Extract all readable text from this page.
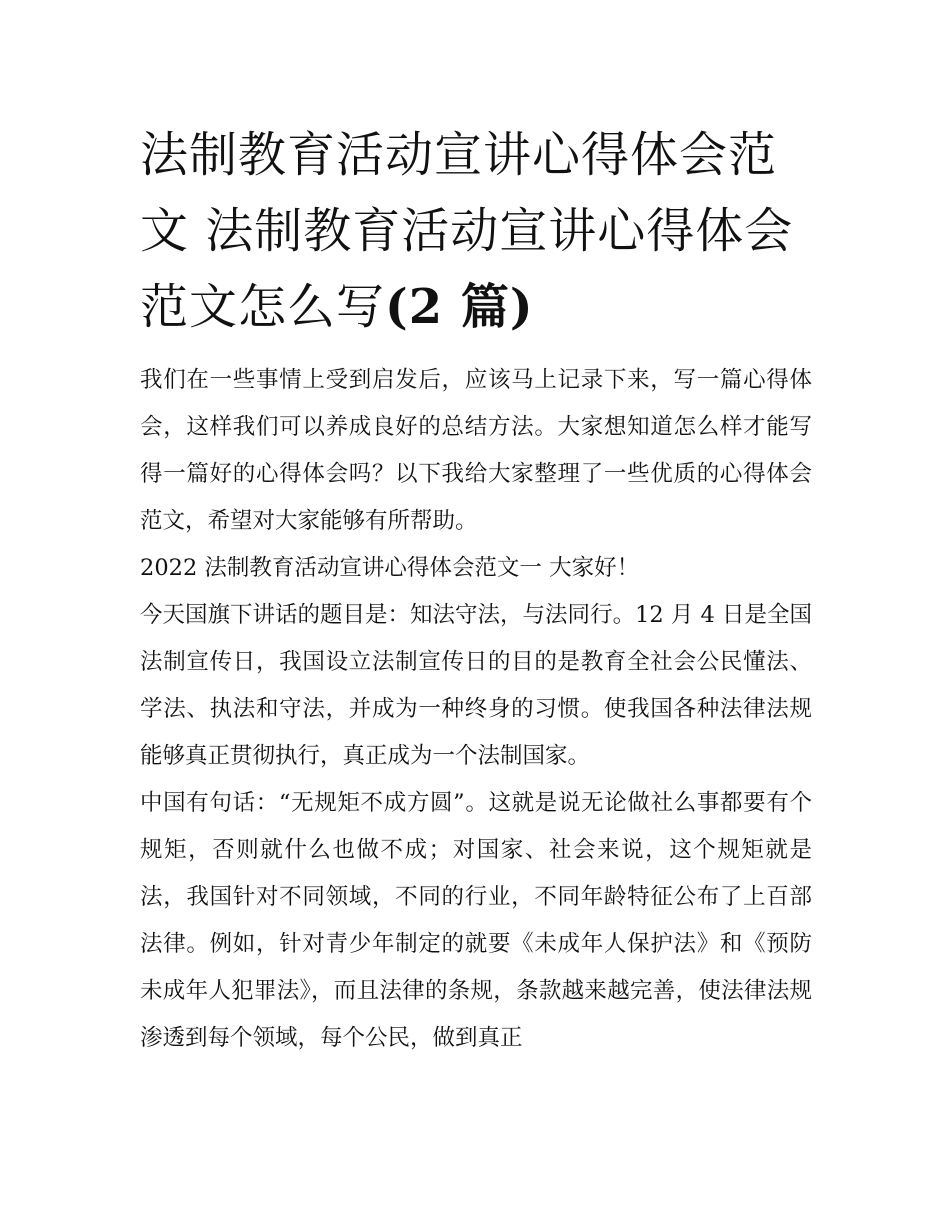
法制教育活动宣讲心得体会范文 法制教育活动宣讲心得体会范文怎么写(2 篇)

我们在一些事情上受到启发后，应该马上记录下来，写一篇心得体会，这样我们可以养成良好的总结方法。大家想知道怎么样才能写得一篇好的心得体会吗？以下我给大家整理了一些优质的心得体会范文，希望对大家能够有所帮助。

2022 法制教育活动宣讲心得体会范文一 大家好！

今天国旗下讲话的题目是：知法守法，与法同行。12 月 4 日是全国法制宣传日，我国设立法制宣传日的目的是教育全社会公民懂法、学法、执法和守法，并成为一种终身的习惯。使我国各种法律法规能够真正贯彻执行，真正成为一个法制国家。

中国有句话：“无规矩不成方圆”。这就是说无论做社么事都要有个规矩，否则就什么也做不成；对国家、社会来说，这个规矩就是法，我国针对不同领域，不同的行业，不同年龄特征公布了上百部法律。例如，针对青少年制定的就要《未成年人保护法》和《预防未成年人犯罪法》，而且法律的条规，条款越来越完善，使法律法规渗透到每个领域，每个公民，做到真正
